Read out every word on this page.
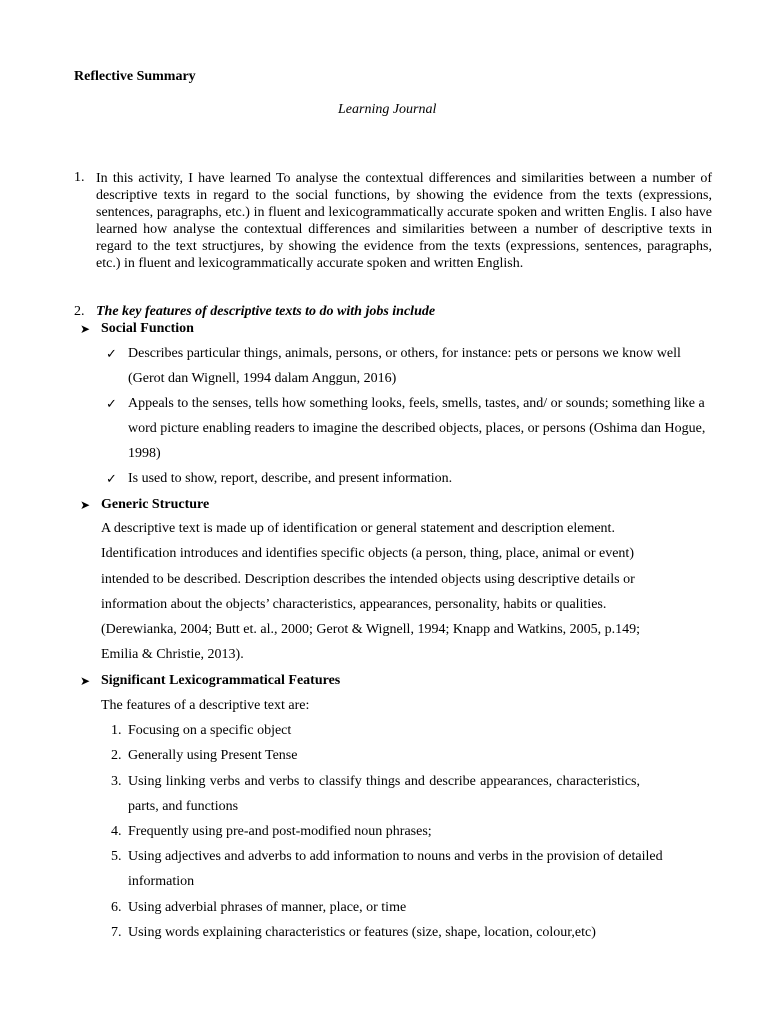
Reflective Summary
Learning Journal
1. In this activity, I have learned To analyse the contextual differences and similarities between a number of descriptive texts in regard to the social functions, by showing the evidence from the texts (expressions, sentences, paragraphs, etc.) in fluent and lexicogrammatically accurate spoken and written Englis. I also have learned how analyse the contextual differences and similarities between a number of descriptive texts in regard to the text structjures, by showing the evidence from the texts (expressions, sentences, paragraphs, etc.) in fluent and lexicogrammatically accurate spoken and written English.
2. The key features of descriptive texts to do with jobs include
➤ Social Function
✓ Describes particular things, animals, persons, or others, for instance: pets or persons we know well (Gerot dan Wignell, 1994 dalam Anggun, 2016)
✓ Appeals to the senses, tells how something looks, feels, smells, tastes, and/ or sounds; something like a word picture enabling readers to imagine the described objects, places, or persons (Oshima dan Hogue, 1998)
✓ Is used to show, report, describe, and present information.
➤ Generic Structure
A descriptive text is made up of identification or general statement and description element.
Identification introduces and identifies specific objects (a person, thing, place, animal or event)
intended to be described. Description describes the intended objects using descriptive details or
information about the objects’ characteristics, appearances, personality, habits or qualities.
(Derewianka, 2004; Butt et. al., 2000; Gerot & Wignell, 1994; Knapp and Watkins, 2005, p.149;
Emilia & Christie, 2013).
➤ Significant Lexicogrammatical Features
The features of a descriptive text are:
1. Focusing on a specific object
2. Generally using Present Tense
3. Using linking verbs and verbs to classify things and describe appearances, characteristics, parts, and functions
4. Frequently using pre-and post-modified noun phrases;
5. Using adjectives and adverbs to add information to nouns and verbs in the provision of detailed information
6. Using adverbial phrases of manner, place, or time
7. Using words explaining characteristics or features (size, shape, location, colour,etc)
